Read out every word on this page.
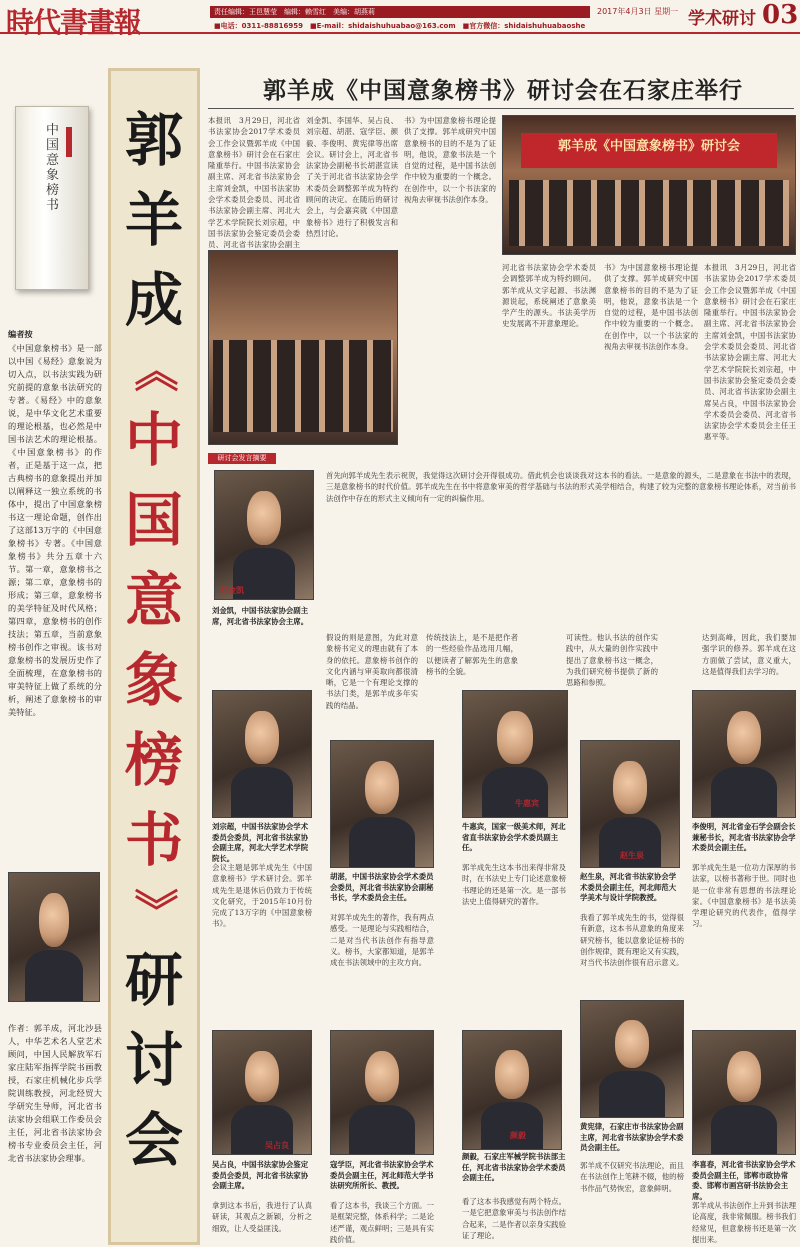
時代書畫報	责任编辑：王邑慧莹　编辑：赖雪红　美编：胡燕莉
■电话：0311-88816959　■E-mail：shidaishuhuabao@163.com　■官方微信：shidaishuhuabaoshe
2017年4月3日 星期一 学术研讨 03
郭羊成《中国意象榜书》研讨会在石家庄举行
中国意象榜书
编者按
《中国意象榜书》是一部以中国《易经》意象说为切入点，以书法实践为研究前提的意象书法研究的专著。《易经》中的意象说，是中华文化艺术重要的理论根基，也必然是中国书法艺术的理论根基。《中国意象榜书》的作者，正是基于这一点，把古典榜书的意象提出并加以阐释这一独立系统的书体中，提出了中国意象榜书这一理论命题，创作出了这部13万字的《中国意象榜书》专著。《中国意象榜书》共分五章十六节。第一章，意象榜书之源；第二章，意象榜书的形成；第三章，意象榜书的美学特征及时代风格；第四章，意象榜书的创作技法；第五章，当前意象榜书创作之审视。该书对意象榜书的发展历史作了全面梳理，在意象榜书的审美特征上做了系统的分析，阐述了意象榜书的审美特征。
作者：郭羊成，河北沙县人，中华艺术名人堂艺术顾问，中国人民解放军石家庄陆军指挥学院书画教授，石家庄机械化步兵学院训练教授，河北经贸大学研究生导师，河北省书法家协会组联工作委员会主任，河北省书法家协会榜书专业委员会主任，河北省书法家协会理事。
郭
羊
成
《
中
国
意
象
榜
书
》
研
讨
会
本报讯　3月29日，河北省书法家协会2017学术委员会工作会议暨郭羊成《中国意象榜书》研讨会在石家庄隆重举行。中国书法家协会副主席、河北省书法家协会主席刘金凯，中国书法家协会学术委员会委员、河北省书法家协会副主席、河北大学艺术学院院长刘宗超，中国书法家协会鉴定委员会委员、河北省书法家协会副主
刘金凯、李国华、吴占良、刘宗超、胡湛、寇学臣、颜毅、李俊明、黄宪律等出席会议。研讨会上，河北省书法家协会副秘书长胡湛宣读了关于河北省书法家协会学术委员会调整郭羊成为特约顾问的决定。在随后的研讨会上，与会嘉宾就《中国意象榜书》进行了积极发言和热烈讨论。
书》为中国意象榜书理论提供了支撑。郭羊成研究中国意象榜书的目的不是为了证明，他说，意象书法是一个自觉的过程，是中国书法创作中较为重要的一个概念。在创作中，以一个书法家的视角去审视书法创作本身。
郭羊成《中国意象榜书》研讨会
河北省书法家协会学术委员会调整郭羊成为特约顾问。郭羊成从文字起源、书法渊源说起，系统阐述了意象美学产生的源头。书法美学历史发展离不开意象理论。
书》为中国意象榜书理论提供了支撑。郭羊成研究中国意象榜书的目的不是为了证明，他说，意象书法是一个自觉的过程，是中国书法创作中较为重要的一个概念。在创作中，以一个书法家的视角去审视书法创作本身。
本报讯　3月29日，河北省书法家协会2017学术委员会工作会议暨郭羊成《中国意象榜书》研讨会在石家庄隆重举行。中国书法家协会副主席、河北省书法家协会主席刘金凯，中国书法家协会学术委员会委员、河北省书法家协会副主席、河北大学艺术学院院长刘宗超，中国书法家协会鉴定委员会委员、河北省书法家协会副主席吴占良，中国书法家协会学术委员会委员、河北省书法家协会学术委员会主任王惠平等。
研讨会发言摘要
刘金凯
刘金凯，中国书法家协会副主席，河北省书法家协会主席。
首先向郭羊成先生表示祝贺，我觉得这次研讨会开得很成功。借此机会也谈谈我对这本书的看法。一是意象的源头，二是意象在书法中的表现，三是意象榜书的时代价值。郭羊成先生在书中将意象审美的哲学基础与书法的形式美学相结合，构建了较为完整的意象榜书理论体系，对当前书法创作中存在的形式主义倾向有一定的纠偏作用。
假设的则是意图，为此对意象榜书定义的理由就有了本身的依托。意象榜书创作的文化内涵与审美取向都很清晰，它是一个有理论支撑的书法门类，是郭羊成多年实践的结晶。
传统技法上，是不是把作者的一些经验作品选用几幅，以便读者了解郭先生的意象榜书的全貌。
可读性。他认书法的创作实践中，从大量的创作实践中提出了意象榜书这一概念，为我们研究榜书提供了新的思路和参照。
达到高峰，因此，我们要加强学识的修养。郭羊成在这方面做了尝试，意义重大，这是值得我们去学习的。
刘宗超，中国书法家协会学术委员会委员，河北省书法家协会副主席，河北大学艺术学院院长。
胡湛，中国书法家协会学术委员会委员，河北省书法家协会副秘书长，学术委员会主任。
牛惠宾
牛惠宾，国家一级美术师，河北省直书法家协会学术委员副主任。
赵生泉
赵生泉，河北省书法家协会学术委员会副主任，河北师范大学美术与设计学院教授。
李俊明，河北省金石学会副会长兼秘书长，河北省书法家协会学术委员会副主任。
会议主题是郭羊成先生《中国意象榜书》学术研讨会。郭羊成先生是退休后仍致力于传统文化研究，于2015年10月份完成了13万字的《中国意象榜书》。
对郭羊成先生的著作，我有两点感受。一是理论与实践相结合，二是对当代书法创作有指导意义。榜书，大家都知道，是郭羊成在书法领域中的主攻方向。
郭羊成先生这本书出来得非常及时，在书法史上专门论述意象榜书理论的还是第一次。是一部书法史上值得研究的著作。
我看了郭羊成先生的书，觉得很有新意，这本书从意象的角度来研究榜书，能以意象论证榜书的创作规律，既有理论又有实践，对当代书法创作很有启示意义。
郭羊成先生是一位功力深厚的书法家，以榜书著称于世。同时也是一位非常有思想的书法理论家。《中国意象榜书》是书法美学理论研究的代表作，值得学习。
吴占良
吴占良，中国书法家协会鉴定委员会委员，河北省书法家协会副主席。
寇学臣，河北省书法家协会学术委员会副主任，河北师范大学书法研究所所长、教授。
颜毅
颜毅，石家庄军械学院书法部主任，河北省书法家协会学术委员会副主任。
黄宪律，石家庄市书法家协会副主席，河北省书法家协会学术委员会副主任。
李喜春，河北省书法家协会学术委员会副主任，邯郸市政协常委、邯郸市画宫研书法协会主席。
拿到这本书后，我进行了认真研读，其观点之新颖，分析之细致，让人受益匪浅。
看了这本书，我谈三个方面。一是框架完整，体系科学；二是论述严谨，观点鲜明；三是具有实践价值。
看了这本书我感觉有两个特点。一是它把意象审美与书法创作结合起来，二是作者以亲身实践验证了理论。
郭羊成不仅研究书法理论，而且在书法创作上笔耕不辍，他的榜书作品气势恢宏，意象鲜明。
郭羊成从书法创作上升到书法理论高度，我非常佩服。榜书我们经常见，但意象榜书还是第一次提出来。
